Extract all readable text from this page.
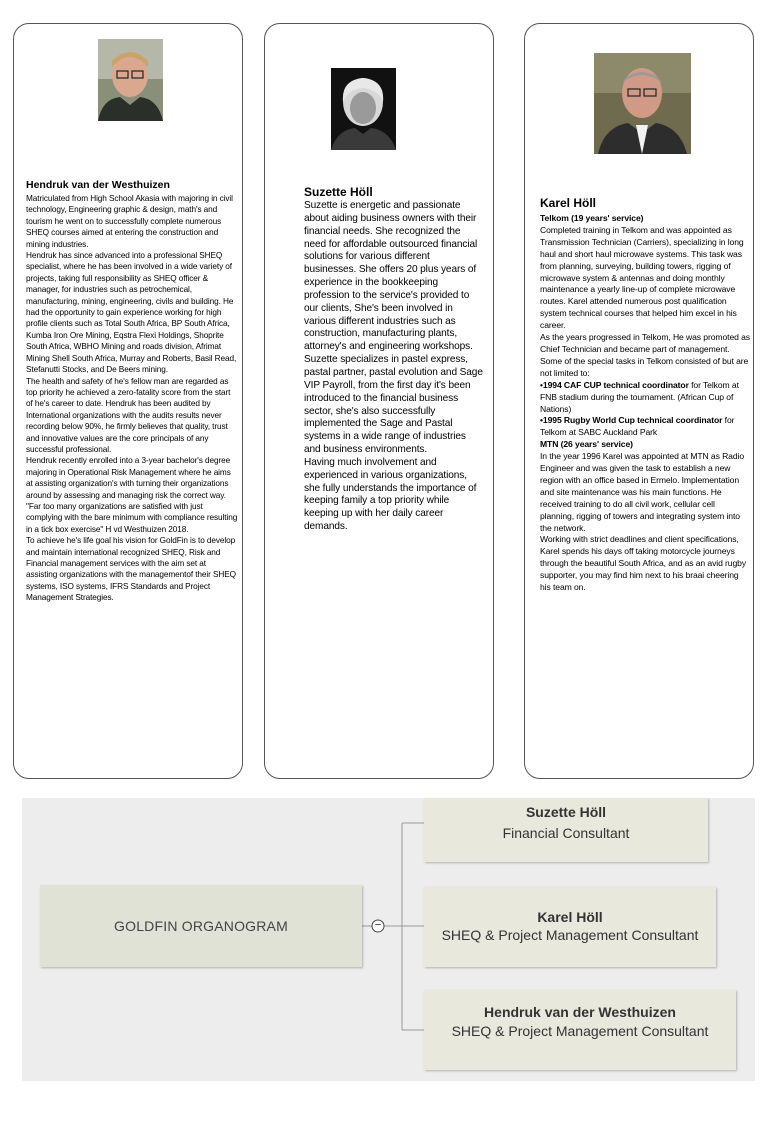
Hendruk van der Westhuizen

Matriculated from High School Akasia with majoring in civil technology, Engineering graphic & design, math's and tourism he went on to successfully complete numerous SHEQ courses aimed at entering the construction and mining industries.

Hendruk has since advanced into a professional SHEQ specialist, where he has been involved in a wide variety of projects, taking full responsibility as SHEQ officer & manager, for industries such as petrochemical, manufacturing, mining, engineering, civils and building. He had the opportunity to gain experience working for high profile clients such as Total South Africa, BP South Africa, Kumba Iron Ore Mining, Eqstra Flexi Holdings, Shoprite South Africa, WBHO Mining and roads division, Afrimat Mining Shell South Africa, Murray and Roberts, Basil Read, Stefanutti Stocks, and De Beers mining.

The health and safety of he's fellow man are regarded as top priority he achieved a zero-fatality score from the start of he's career to date. Hendruk has been audited by International organizations with the audits results never recording below 90%, he firmly believes that quality, trust and innovative values are the core principals of any successful professional.

Hendruk recently enrolled into a 3-year bachelor's degree majoring in Operational Risk Management where he aims at assisting organization's with turning their organizations around by assessing and managing risk the correct way. "Far too many organizations are satisfied with just complying with the bare minimum with compliance resulting in a tick box exercise" H vd Westhuizen 2018.

To achieve he's life goal his vision for GoldFin is to develop and maintain international recognized SHEQ, Risk and Financial management services with the aim set at assisting organizations with the managementof their SHEQ systems, ISO systems, IFRS Standards and Project Management Strategies.

Suzette Höll

Suzette is energetic and passionate about aiding business owners with their financial needs. She recognized the need for affordable outsourced financial solutions for various different businesses. She offers 20 plus years of experience in the bookkeeping profession to the service's provided to our clients, She's been involved in various different industries such as construction, manufacturing plants, attorney's and engineering workshops.

Suzette specializes in pastel express, pastal partner, pastal evolution and Sage VIP Payroll, from the first day it's been introduced to the financial business sector, she's also successfully implemented the Sage and Pastal systems in a wide range of industries and business environments.

Having much involvement and experienced in various organizations, she fully understands the importance of keeping family a top priority while keeping up with her daily career demands.

Karel Höll

Telkom (19 years' service)

Completed training in Telkom and was appointed as Transmission Technician (Carriers), specializing in long haul and short haul microwave systems. This task was from planning, surveying, building towers, rigging of microwave system & antennas and doing monthly maintenance a yearly line-up of complete microwave routes. Karel attended numerous post qualification system technical courses that helped him excel in his career.

As the years progressed in Telkom, He was promoted as Chief Technician and became part of management. Some of the special tasks in Telkom consisted of but are not limited to:

•1994 CAF CUP technical coordinator for Telkom at FNB stadium during the tournament. (African Cup of Nations)

•1995 Rugby World Cup technical coordinator for Telkom at SABC Auckland Park

MTN (26 years' service)

In the year 1996 Karel was appointed at MTN as Radio Engineer and was given the task to establish a new region with an office based in Ermelo. Implementation and site maintenance was his main functions. He received training to do all civil work, cellular cell planning, rigging of towers and integrating system into the network.

Working with strict deadlines and client specifications, Karel spends his days off taking motorcycle journeys through the beautiful South Africa, and as an avid rugby supporter, you may find him next to his braai cheering his team on.

−
GOLDFIN ORGANOGRAM
Suzette Höll
Financial Consultant
Karel Höll
SHEQ & Project Management Consultant
Hendruk van der Westhuizen
SHEQ & Project Management Consultant
